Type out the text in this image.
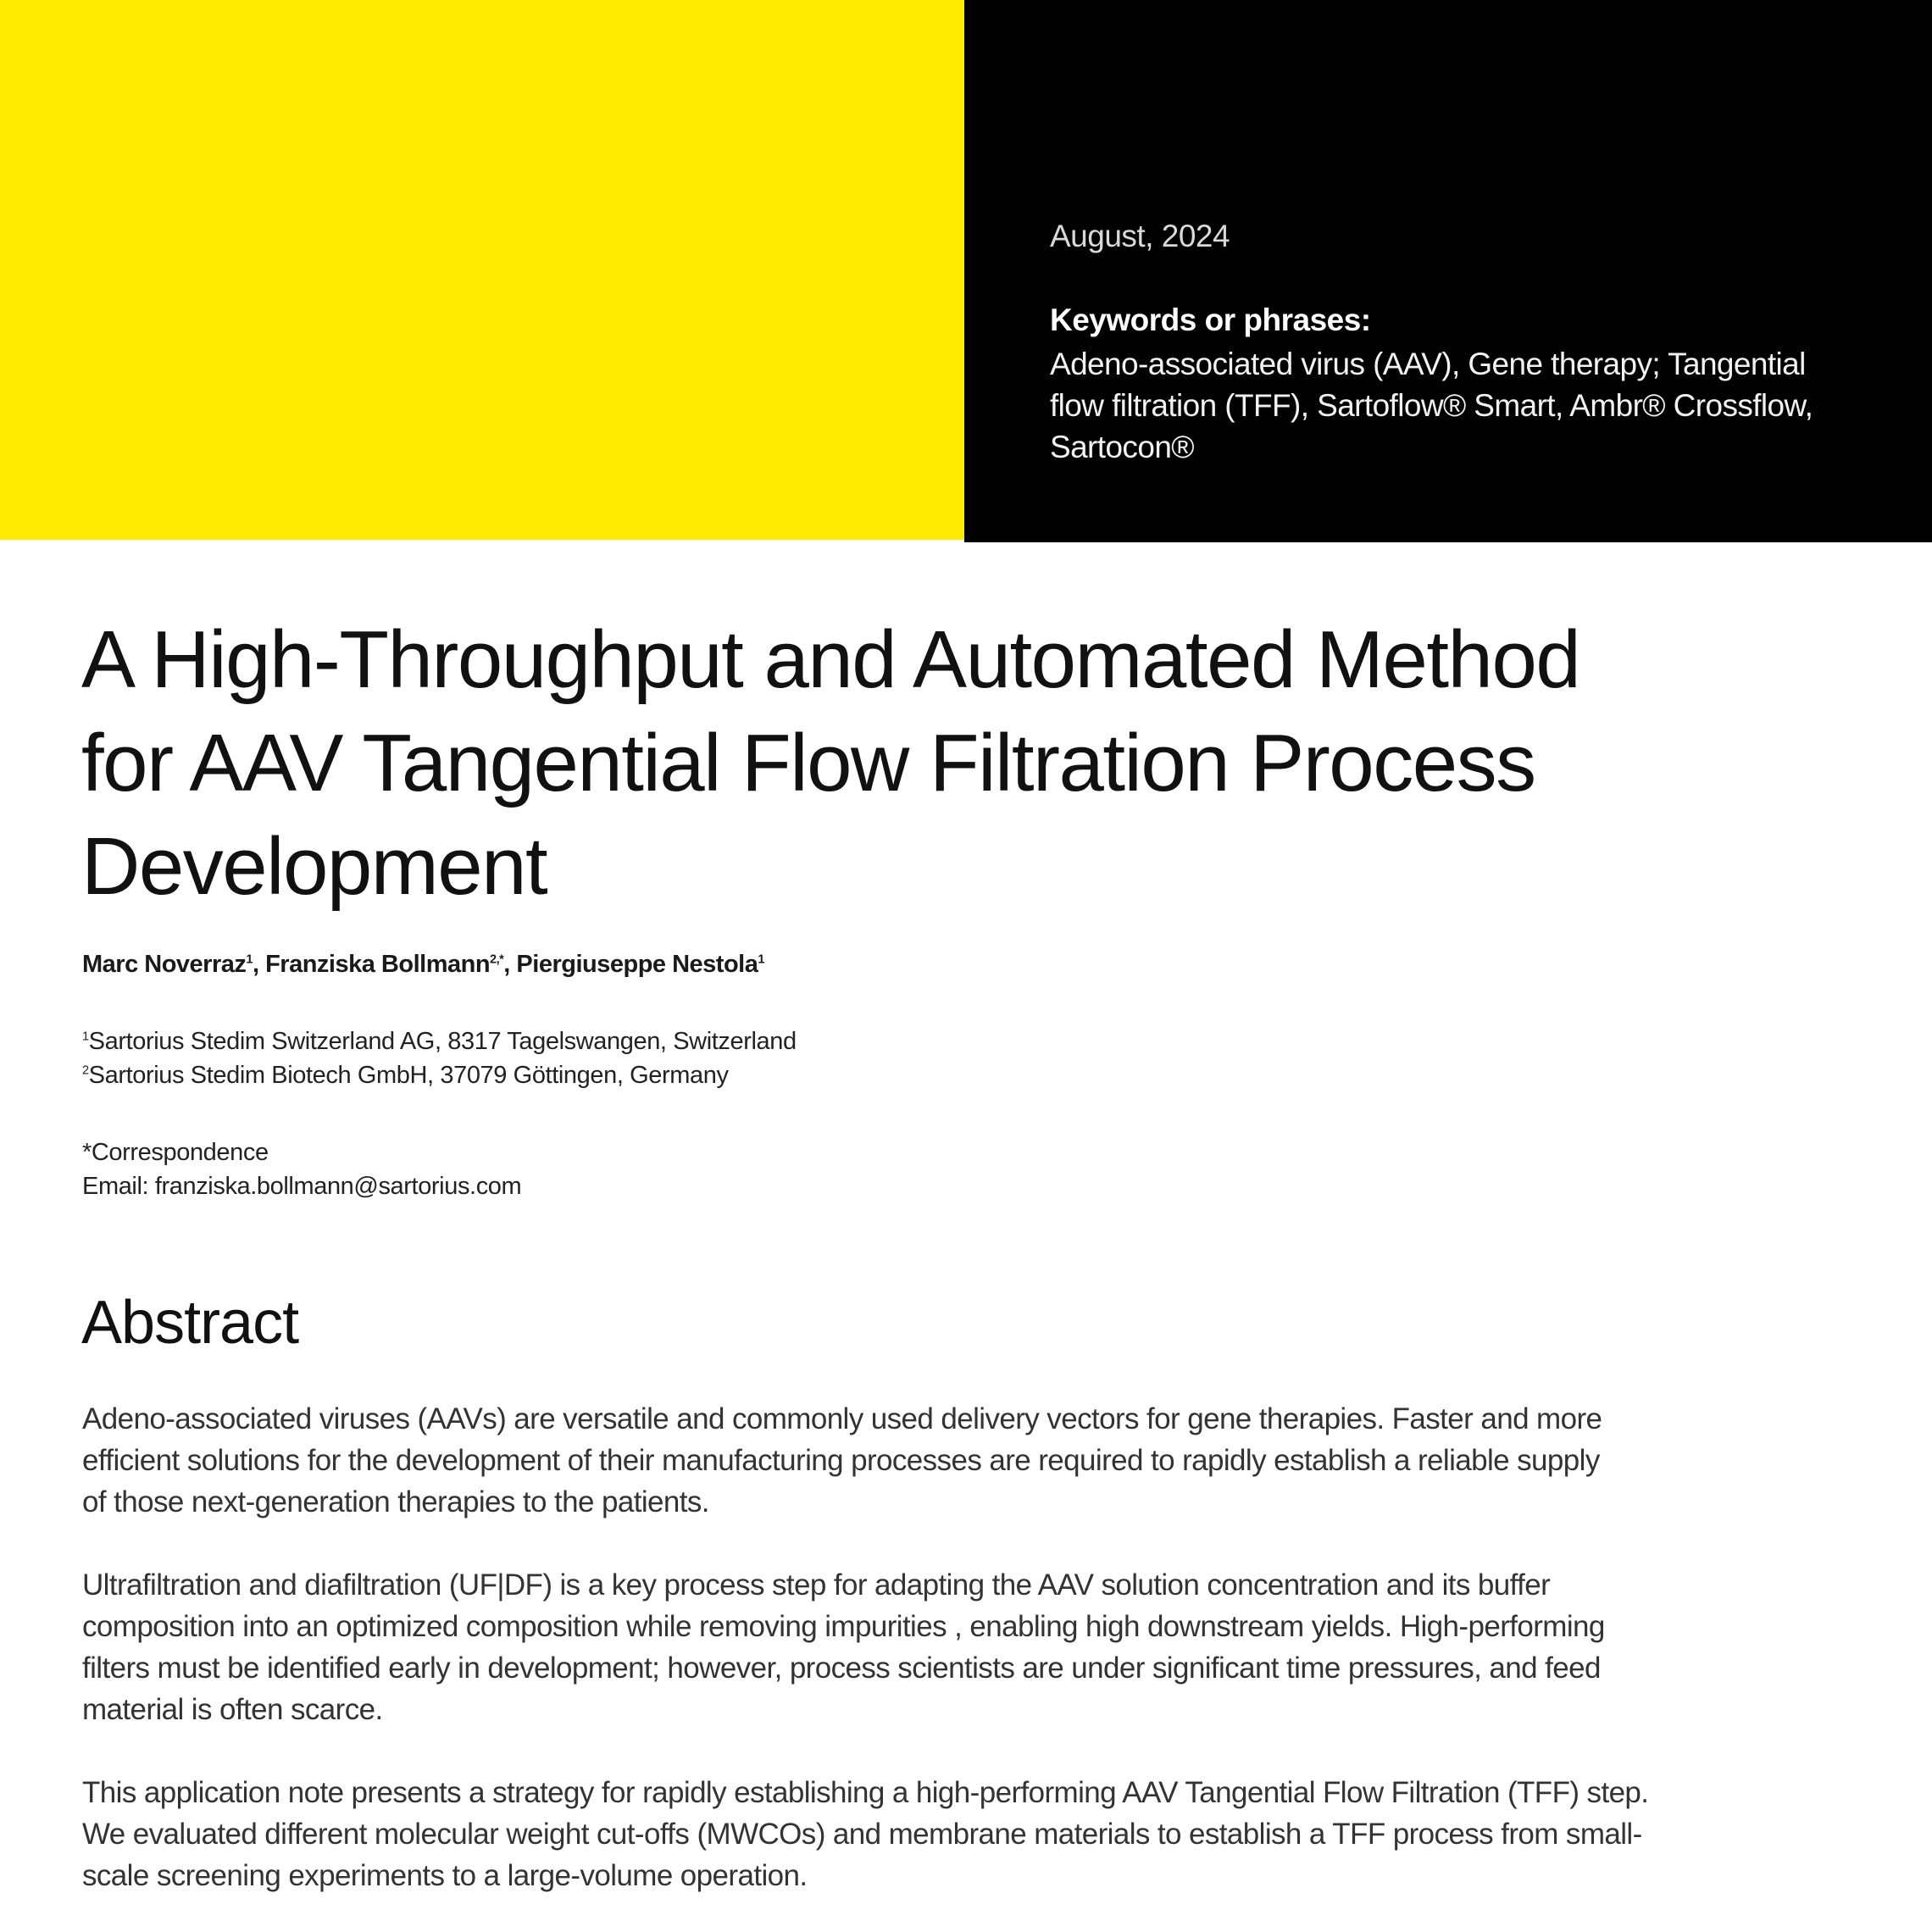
August, 2024
Keywords or phrases:
Adeno-associated virus (AAV), Gene therapy; Tangential
flow filtration (TFF), Sartoflow® Smart, Ambr® Crossflow,
Sartocon®
A High-Throughput and Automated Method
for AAV Tangential Flow Filtration Process
Development
Marc Noverraz$^1$, Franziska Bollmann$^{2,*}$, Piergiuseppe Nestola$^1$
$^1$Sartorius Stedim Switzerland AG, 8317 Tagelswangen, Switzerland
$^2$Sartorius Stedim Biotech GmbH, 37079 Göttingen, Germany
*Correspondence
Email: franziska.bollmann@sartorius.com
Abstract
Adeno-associated viruses (AAVs) are versatile and commonly used delivery vectors for gene therapies. Faster and more
efficient solutions for the development of their manufacturing processes are required to rapidly establish a reliable supply
of those next-generation therapies to the patients.
Ultrafiltration and diafiltration (UF|DF) is a key process step for adapting the AAV solution concentration and its buffer
composition into an optimized composition while removing impurities , enabling high downstream yields. High-performing
filters must be identified early in development; however, process scientists are under significant time pressures, and feed
material is often scarce.
This application note presents a strategy for rapidly establishing a high-performing AAV Tangential Flow Filtration (TFF) step.
We evaluated different molecular weight cut-offs (MWCOs) and membrane materials to establish a TFF process from small-
scale screening experiments to a large-volume operation.
